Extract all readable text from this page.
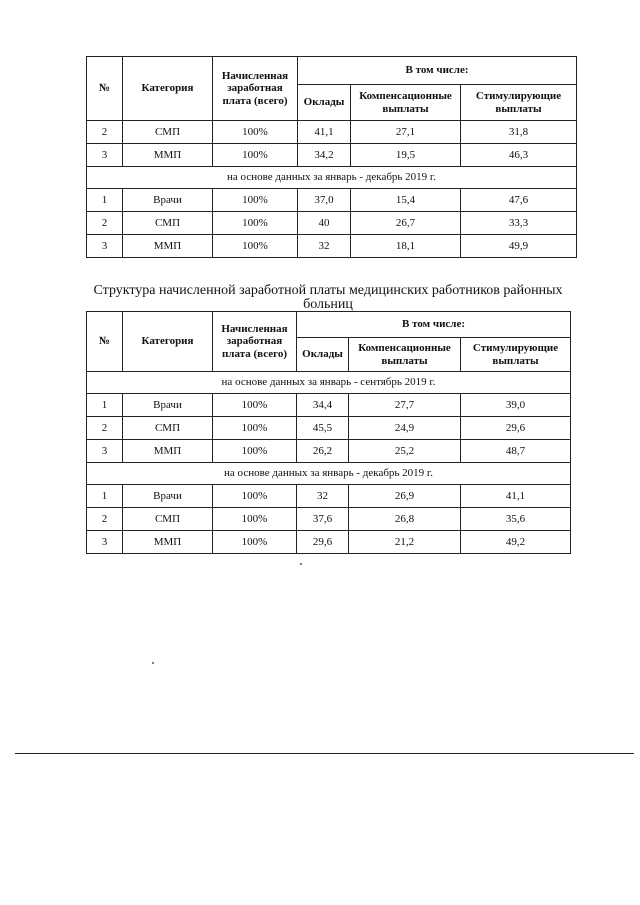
№	Категория	Начисленная заработная плата (всего)	В том числе:		
			Оклады	Компенсационные выплаты	Стимулирующие выплаты
2	СМП	100%	41,1	27,1	31,8
3	ММП	100%	34,2	19,5	46,3
на основе данных за январь - декабрь 2019 г.					
1	Врачи	100%	37,0	15,4	47,6
2	СМП	100%	40	26,7	33,3
3	ММП	100%	32	18,1	49,9
Структура начисленной заработной платы медицинских работников районных больниц
№	Категория	Начисленная заработная плата (всего)	В том числе:		
			Оклады	Компенсационные выплаты	Стимулирующие выплаты
на основе данных за январь - сентябрь 2019 г.					
1	Врачи	100%	34,4	27,7	39,0
2	СМП	100%	45,5	24,9	29,6
3	ММП	100%	26,2	25,2	48,7
на основе данных за январь - декабрь 2019 г.					
1	Врачи	100%	32	26,9	41,1
2	СМП	100%	37,6	26,8	35,6
3	ММП	100%	29,6	21,2	49,2
